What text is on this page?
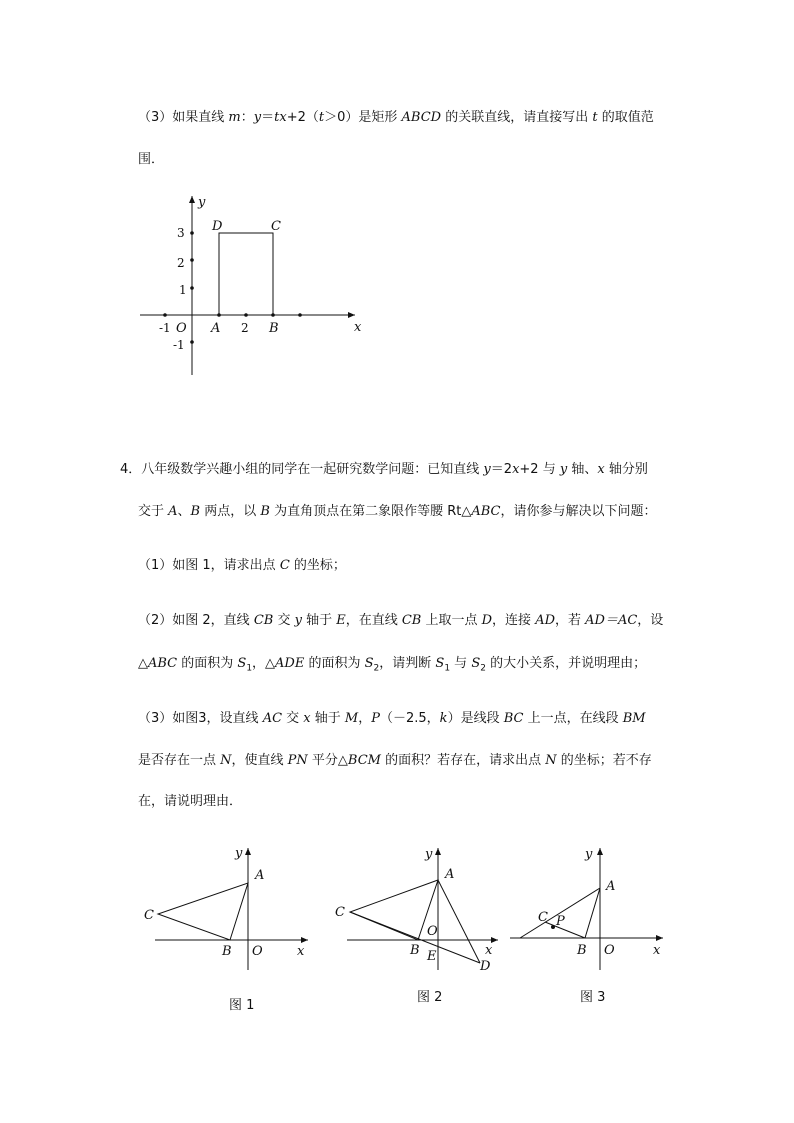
（3）如果直线 m：y＝tx+2（t＞0）是矩形 ABCD 的关联直线，请直接写出 t 的取值范
围．
y
x
D	C
A	B
O
3
2
1
-1	2
-1
4．八年级数学兴趣小组的同学在一起研究数学问题：已知直线 y＝2x+2 与 y 轴、x 轴分别
交于 A、B 两点，以 B 为直角顶点在第二象限作等腰 Rt△ABC，请你参与解决以下问题：
（1）如图 1，请求出点 C 的坐标；
（2）如图 2，直线 CB 交 y 轴于 E，在直线 CB 上取一点 D，连接 AD，若 AD＝AC，设
△ABC 的面积为 $S_1$，△ADE 的面积为 $S_2$，请判断 $S_1$ 与 $S_2$ 的大小关系，并说明理由；
（3）如图3，设直线 AC 交 x 轴于 M，P（－2.5，k）是线段 BC 上一点，在线段 BM
是否存在一点 N，使直线 PN 平分△BCM 的面积？若存在，请求出点 N 的坐标；若不存
在，请说明理由．
y
x
A
B
C
O
图 1
y
x
A
B
C
O
E
D
图 2
y
x
A
B
C P
O
图 3
